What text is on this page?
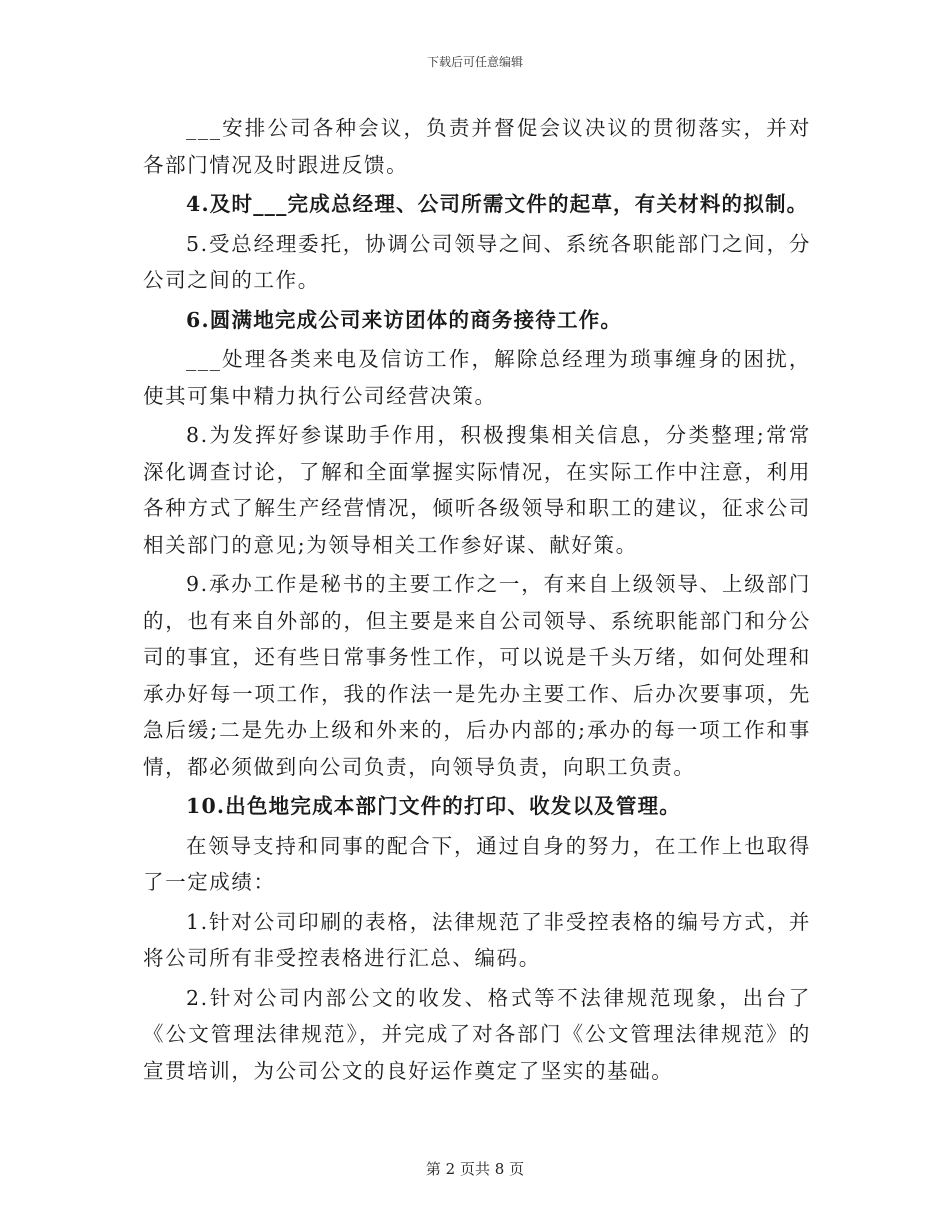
下载后可任意编辑

___安排公司各种会议，负责并督促会议决议的贯彻落实，并对各部门情况及时跟进反馈。

4.及时___完成总经理、公司所需文件的起草，有关材料的拟制。

5.受总经理委托，协调公司领导之间、系统各职能部门之间，分公司之间的工作。

6.圆满地完成公司来访团体的商务接待工作。

___处理各类来电及信访工作，解除总经理为琐事缠身的困扰，使其可集中精力执行公司经营决策。

8.为发挥好参谋助手作用，积极搜集相关信息，分类整理;常常深化调查讨论，了解和全面掌握实际情况，在实际工作中注意，利用各种方式了解生产经营情况，倾听各级领导和职工的建议，征求公司相关部门的意见;为领导相关工作参好谋、献好策。

9.承办工作是秘书的主要工作之一，有来自上级领导、上级部门的，也有来自外部的，但主要是来自公司领导、系统职能部门和分公司的事宜，还有些日常事务性工作，可以说是千头万绪，如何处理和承办好每一项工作，我的作法一是先办主要工作、后办次要事项，先急后缓;二是先办上级和外来的，后办内部的;承办的每一项工作和事情，都必须做到向公司负责，向领导负责，向职工负责。

10.出色地完成本部门文件的打印、收发以及管理。

在领导支持和同事的配合下，通过自身的努力，在工作上也取得了一定成绩：

1.针对公司印刷的表格，法律规范了非受控表格的编号方式，并将公司所有非受控表格进行汇总、编码。

2.针对公司内部公文的收发、格式等不法律规范现象，出台了《公文管理法律规范》，并完成了对各部门《公文管理法律规范》的宣贯培训，为公司公文的良好运作奠定了坚实的基础。

第 2 页共 8 页
